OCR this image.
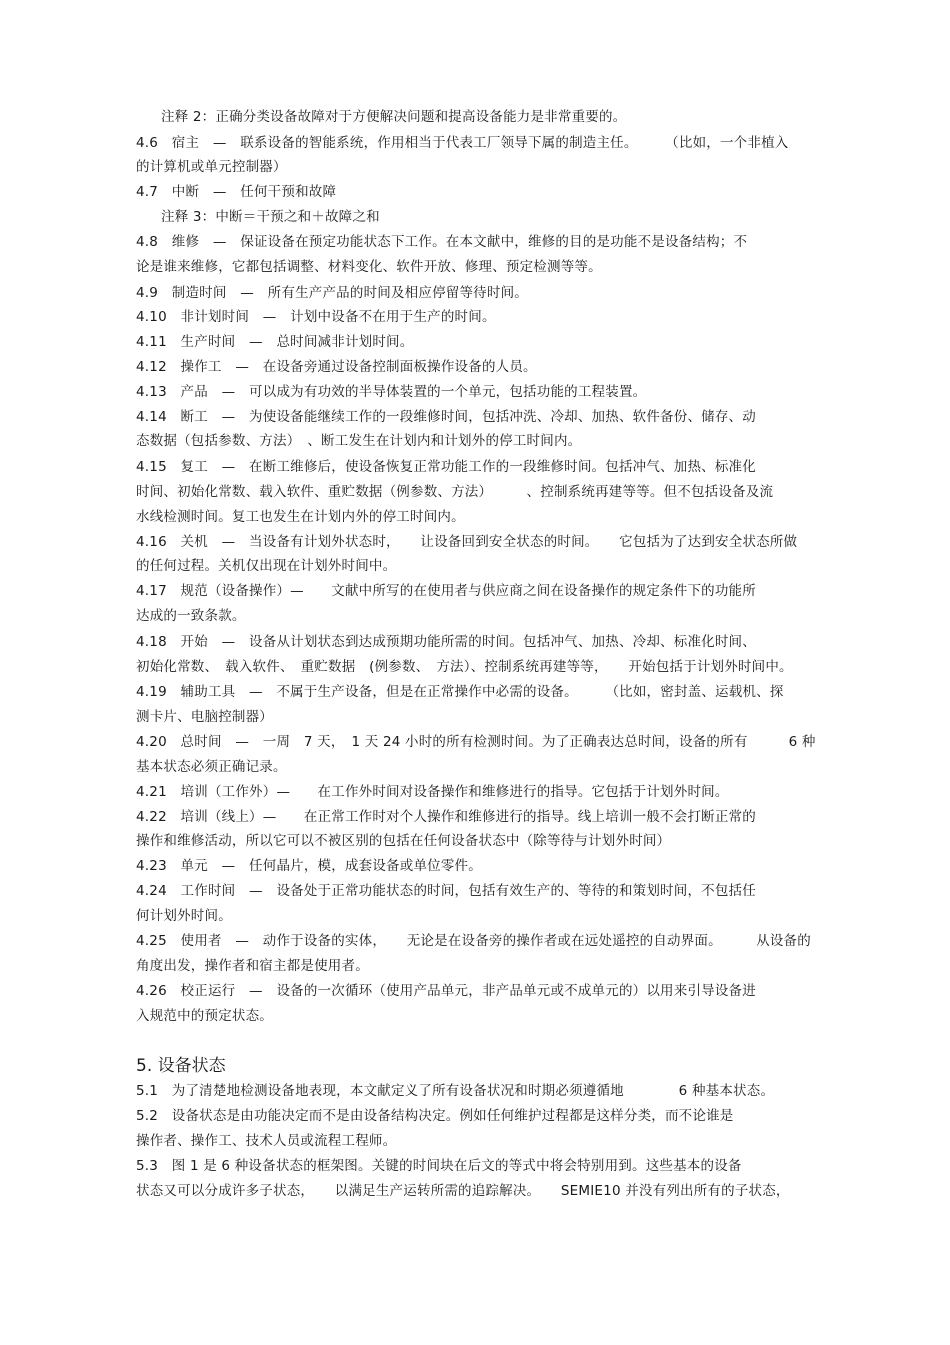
注释 2：正确分类设备故障对于方便解决问题和提高设备能力是非常重要的。
4.6　宿主　—　联系设备的智能系统，作用相当于代表工厂领导下属的制造主任。　　　（比如，一个非植入
的计算机或单元控制器）
4.7　中断　—　任何干预和故障
注释 3：中断＝干预之和＋故障之和
4.8　维修　—　保证设备在预定功能状态下工作。在本文献中，维修的目的是功能不是设备结构；不
论是谁来维修，它都包括调整、材料变化、软件开放、修理、预定检测等等。
4.9　制造时间　—　所有生产产品的时间及相应停留等待时间。
4.10　非计划时间　—　计划中设备不在用于生产的时间。
4.11　生产时间　—　总时间减非计划时间。
4.12　操作工　—　在设备旁通过设备控制面板操作设备的人员。
4.13　产品　—　可以成为有功效的半导体装置的一个单元，包括功能的工程装置。
4.14　断工　—　为使设备能继续工作的一段维修时间，包括冲洗、冷却、加热、软件备份、储存、动
态数据（包括参数、方法）　、断工发生在计划内和计划外的停工时间内。
4.15　复工　—　在断工维修后，使设备恢复正常功能工作的一段维修时间。包括冲气、加热、标准化
时间、初始化常数、载入软件、重贮数据（例参数、方法）　　　、控制系统再建等等。但不包括设备及流
水线检测时间。复工也发生在计划内外的停工时间内。
4.16　关机　—　当设备有计划外状态时，　　让设备回到安全状态的时间。　　它包括为了达到安全状态所做
的任何过程。关机仅出现在计划外时间中。
4.17　规范（设备操作）—　　文献中所写的在使用者与供应商之间在设备操作的规定条件下的功能所
达成的一致条款。
4.18　开始　—　设备从计划状态到达成预期功能所需的时间。包括冲气、加热、冷却、标准化时间、
初始化常数、　载入软件、　重贮数据　(例参数、　方法）、控制系统再建等等，　　开始包括于计划外时间中。
4.19　辅助工具　—　不属于生产设备，但是在正常操作中必需的设备。　　　（比如，密封盖、运载机、探
测卡片、电脑控制器）
4.20　总时间　—　一周　7 天，　1 天 24 小时的所有检测时间。为了正确表达总时间，设备的所有　　　6 种
基本状态必须正确记录。
4.21　培训（工作外）—　　在工作外时间对设备操作和维修进行的指导。它包括于计划外时间。
4.22　培训（线上）—　　在正常工作时对个人操作和维修进行的指导。线上培训一般不会打断正常的
操作和维修活动，所以它可以不被区别的包括在任何设备状态中（除等待与计划外时间）
4.23　单元　—　任何晶片，模，成套设备或单位零件。
4.24　工作时间　—　设备处于正常功能状态的时间，包括有效生产的、等待的和策划时间，不包括任
何计划外时间。
4.25　使用者　—　动作于设备的实体，　　无论是在设备旁的操作者或在远处遥控的自动界面。　　　从设备的
角度出发，操作者和宿主都是使用者。
4.26　校正运行　—　设备的一次循环（使用产品单元，非产品单元或不成单元的）以用来引导设备进
入规范中的预定状态。
5. 设备状态
5.1　为了清楚地检测设备地表现，本文献定义了所有设备状况和时期必须遵循地　　　　6 种基本状态。
5.2　设备状态是由功能决定而不是由设备结构决定。例如任何维护过程都是这样分类，而不论谁是
操作者、操作工、技术人员或流程工程师。
5.3　图 1 是 6 种设备状态的框架图。关键的时间块在后文的等式中将会特别用到。这些基本的设备
状态又可以分成许多子状态，　　以满足生产运转所需的追踪解决。　　SEMIE10 并没有列出所有的子状态，
